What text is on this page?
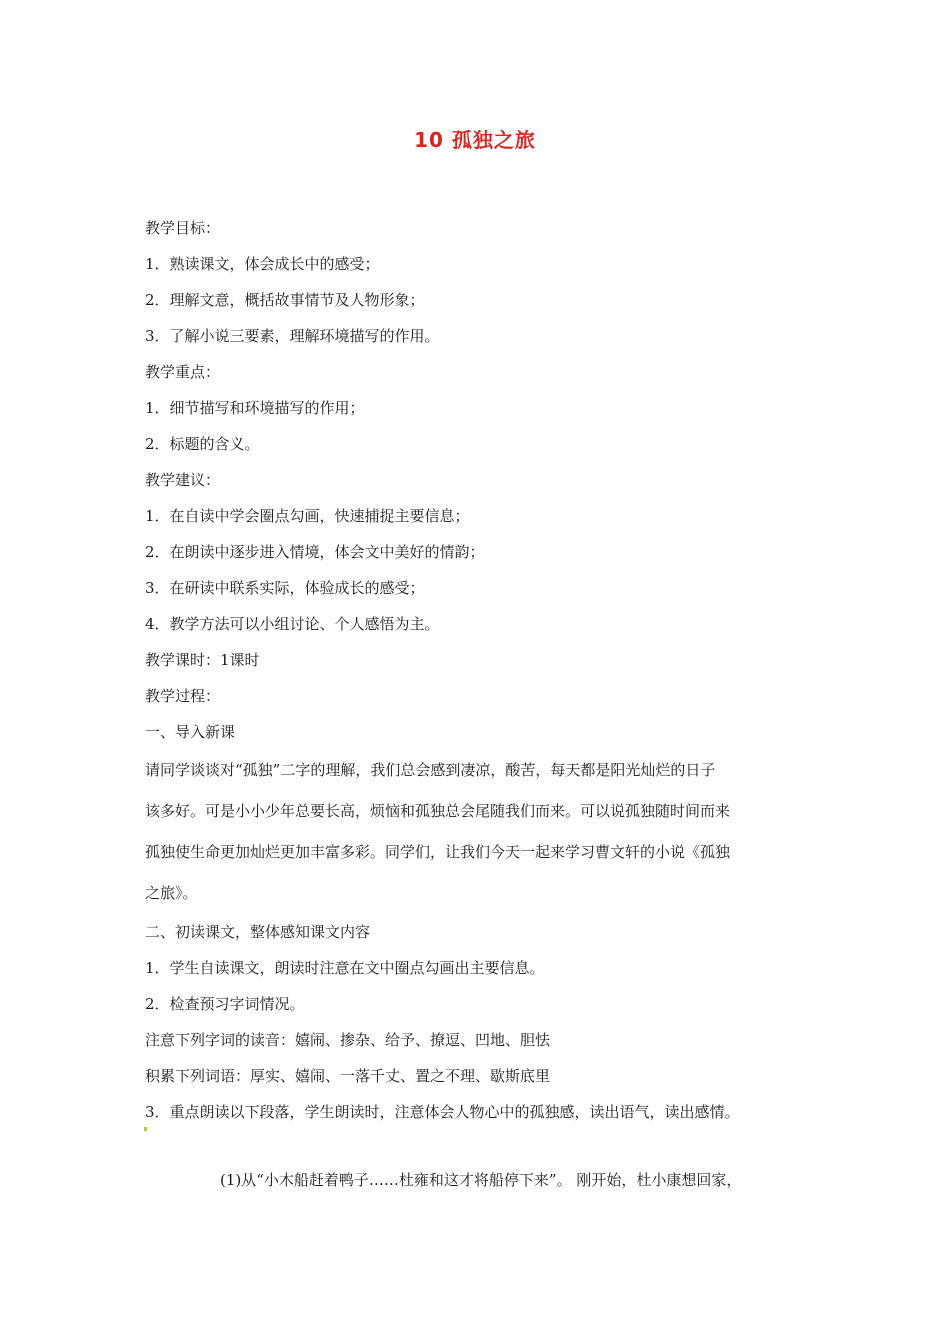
10 孤独之旅
教学目标：
1．熟读课文，体会成长中的感受；
2．理解文意，概括故事情节及人物形象；
3．了解小说三要素，理解环境描写的作用。
教学重点：
1．细节描写和环境描写的作用；
2．标题的含义。
教学建议：
1．在自读中学会圈点勾画，快速捕捉主要信息；
2．在朗读中逐步进入情境，体会文中美好的情韵；
3．在研读中联系实际，体验成长的感受；
4．教学方法可以小组讨论、个人感悟为主。
教学课时：1课时
教学过程：
一、导入新课
请同学谈谈对“孤独”二字的理解，我们总会感到凄凉，酸苦，每天都是阳光灿烂的日子
该多好。可是小小少年总要长高，烦恼和孤独总会尾随我们而来。可以说孤独随时间而来
孤独使生命更加灿烂更加丰富多彩。同学们，让我们今天一起来学习曹文轩的小说《孤独
之旅》。
二、初读课文，整体感知课文内容
1．学生自读课文，朗读时注意在文中圈点勾画出主要信息。
2．检查预习字词情况。
注意下列字词的读音：嬉闹、掺杂、给予、撩逗、凹地、胆怯
积累下列词语：厚实、嬉闹、一落千丈、置之不理、歇斯底里
3．重点朗读以下段落，学生朗读时，注意体会人物心中的孤独感，读出语气，读出感情。
(1)从“小木船赶着鸭子……杜雍和这才将船停下来”。 刚开始，杜小康想回家，
